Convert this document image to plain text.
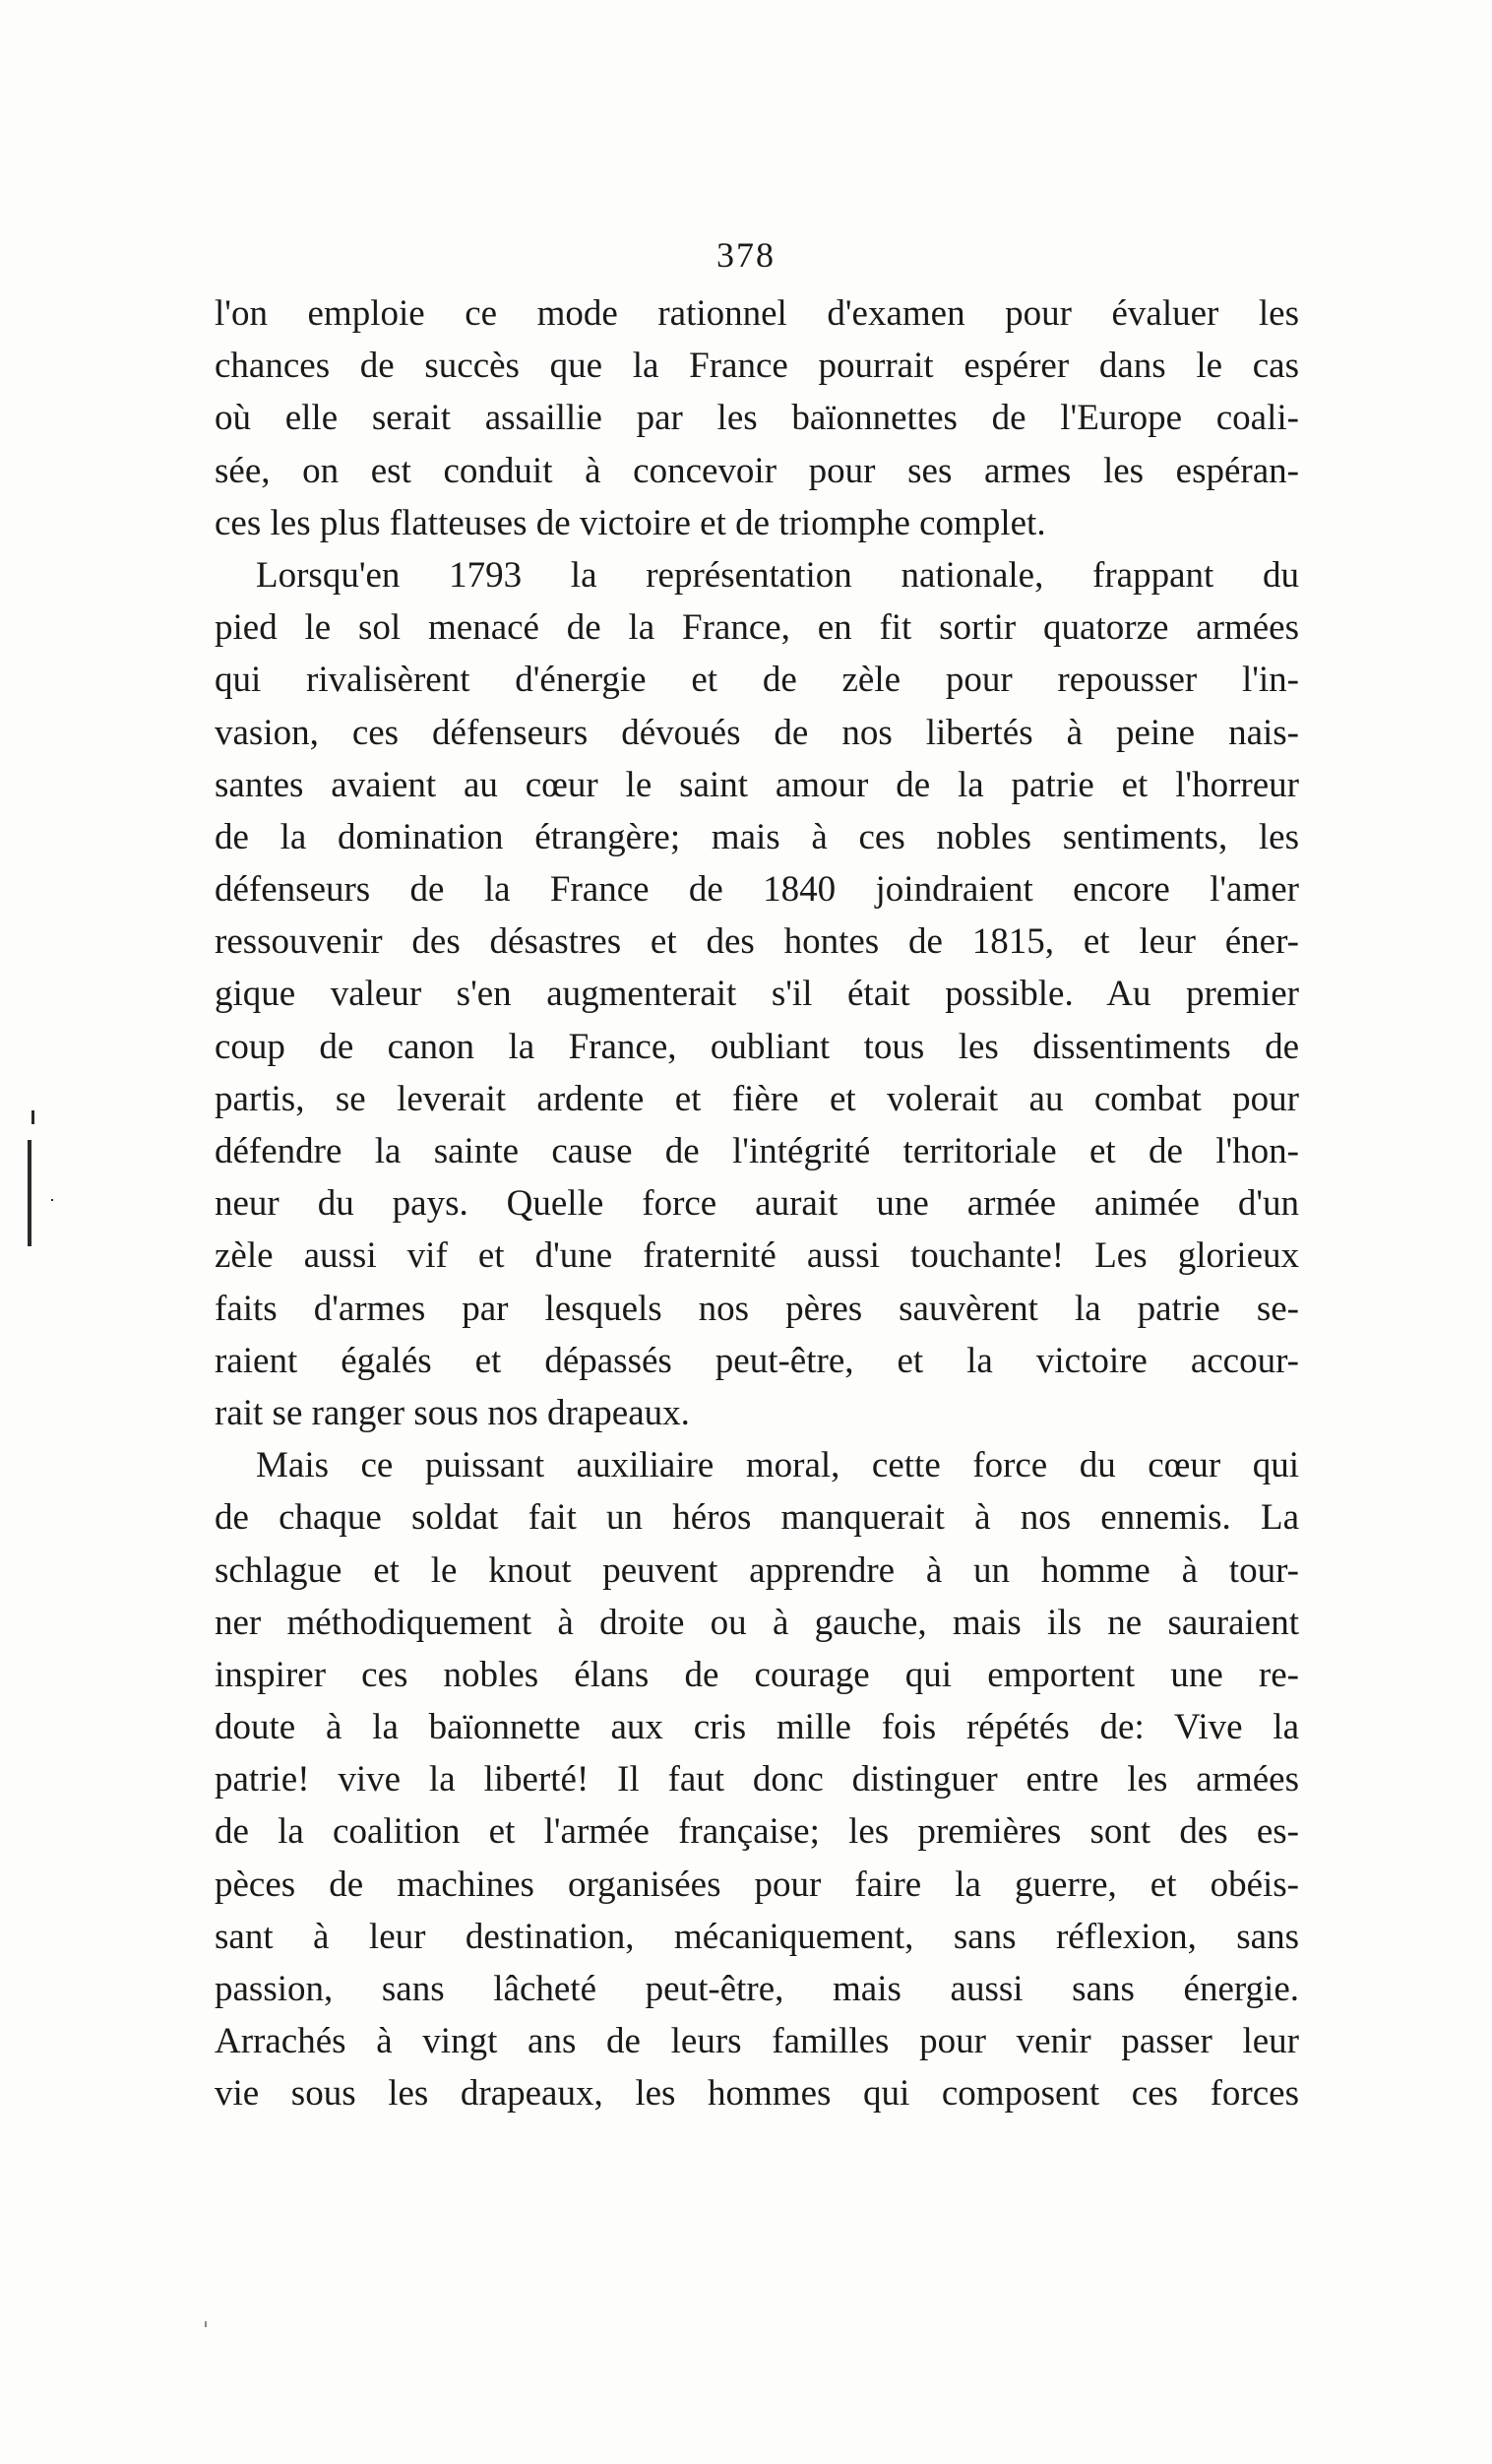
378
l'on emploie ce mode rationnel d'examen pour évaluer les
chances de succès que la France pourrait espérer dans le cas
où elle serait assaillie par les baïonnettes de l'Europe coali-
sée, on est conduit à concevoir pour ses armes les espéran-
ces les plus flatteuses de victoire et de triomphe complet.
Lorsqu'en 1793 la représentation nationale, frappant du
pied le sol menacé de la France, en fit sortir quatorze armées
qui rivalisèrent d'énergie et de zèle pour repousser l'in-
vasion, ces défenseurs dévoués de nos libertés à peine nais-
santes avaient au cœur le saint amour de la patrie et l'horreur
de la domination étrangère; mais à ces nobles sentiments, les
défenseurs de la France de 1840 joindraient encore l'amer
ressouvenir des désastres et des hontes de 1815, et leur éner-
gique valeur s'en augmenterait s'il était possible. Au premier
coup de canon la France, oubliant tous les dissentiments de
partis, se leverait ardente et fière et volerait au combat pour
défendre la sainte cause de l'intégrité territoriale et de l'hon-
neur du pays. Quelle force aurait une armée animée d'un
zèle aussi vif et d'une fraternité aussi touchante! Les glorieux
faits d'armes par lesquels nos pères sauvèrent la patrie se-
raient égalés et dépassés peut-être, et la victoire accour-
rait se ranger sous nos drapeaux.
Mais ce puissant auxiliaire moral, cette force du cœur qui
de chaque soldat fait un héros manquerait à nos ennemis. La
schlague et le knout peuvent apprendre à un homme à tour-
ner méthodiquement à droite ou à gauche, mais ils ne sauraient
inspirer ces nobles élans de courage qui emportent une re-
doute à la baïonnette aux cris mille fois répétés de: Vive la
patrie! vive la liberté! Il faut donc distinguer entre les armées
de la coalition et l'armée française; les premières sont des es-
pèces de machines organisées pour faire la guerre, et obéis-
sant à leur destination, mécaniquement, sans réflexion, sans
passion, sans lâcheté peut-être, mais aussi sans énergie.
Arrachés à vingt ans de leurs familles pour venir passer leur
vie sous les drapeaux, les hommes qui composent ces forces
